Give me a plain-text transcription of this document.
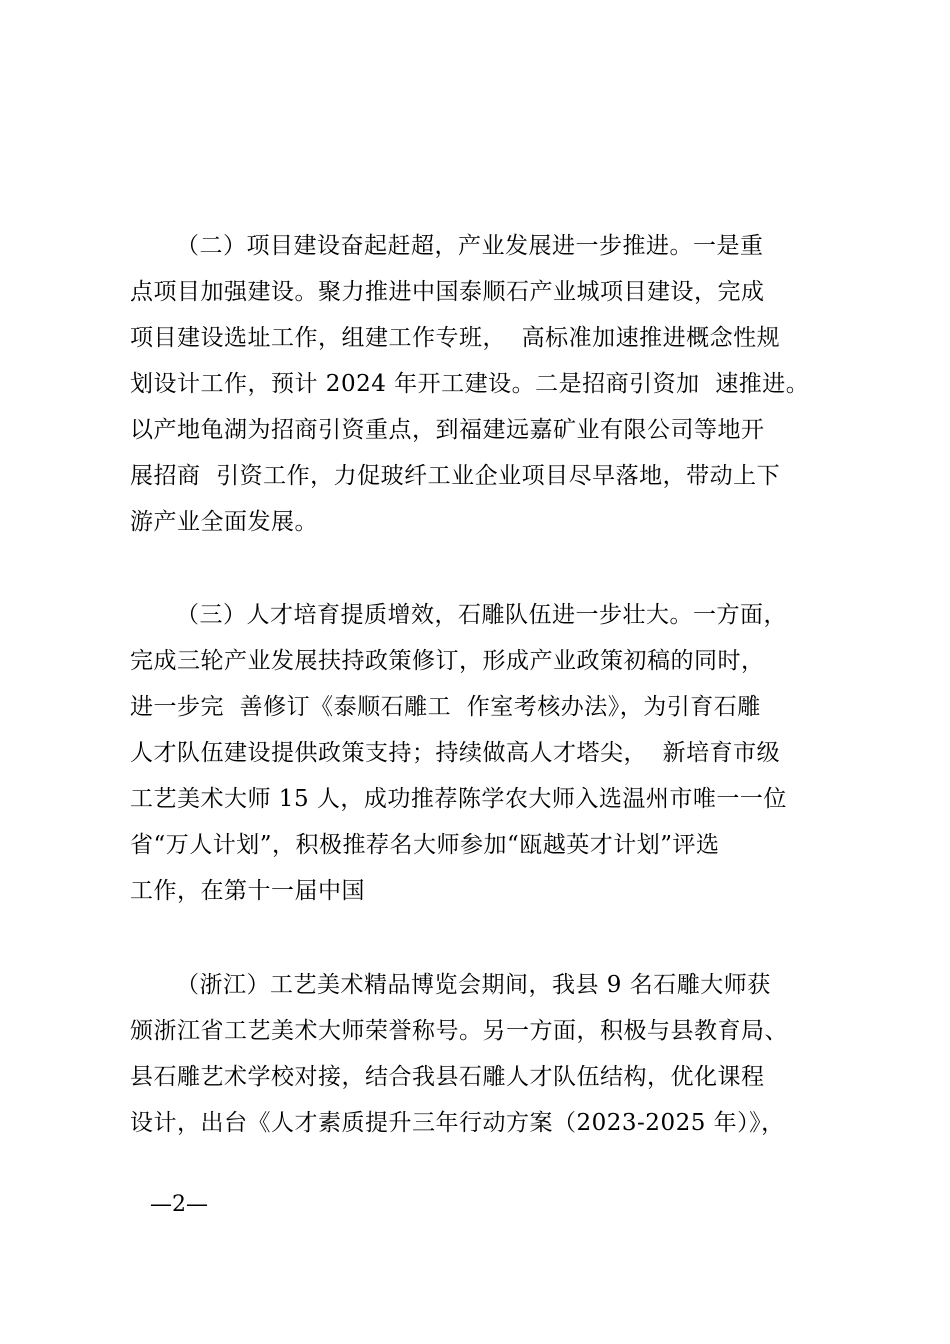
（二）项目建设奋起赶超，产业发展进一步推进。一是重
点项目加强建设。聚力推进中国泰顺石产业城项目建设，完成
项目建设选址工作，组建工作专班，  高标准加速推进概念性规
划设计工作，预计 2024 年开工建设。二是招商引资加  速推进。
以产地龟湖为招商引资重点，到福建远嘉矿业有限公司等地开
展招商  引资工作，力促玻纤工业企业项目尽早落地，带动上下
游产业全面发展。
（三）人才培育提质增效，石雕队伍进一步壮大。一方面，
完成三轮产业发展扶持政策修订，形成产业政策初稿的同时，
进一步完  善修订《泰顺石雕工  作室考核办法》，为引育石雕
人才队伍建设提供政策支持；持续做高人才塔尖，  新培育市级
工艺美术大师 15 人，成功推荐陈学农大师入选温州市唯一一位
省“万人计划”，积极推荐名大师参加“瓯越英才计划”评选
工作，在第十一届中国
（浙江）工艺美术精品博览会期间，我县 9 名石雕大师获
颁浙江省工艺美术大师荣誉称号。另一方面，积极与县教育局、
县石雕艺术学校对接，结合我县石雕人才队伍结构，优化课程
设计，出台《人才素质提升三年行动方案（2023-2025 年）》，
—2—
